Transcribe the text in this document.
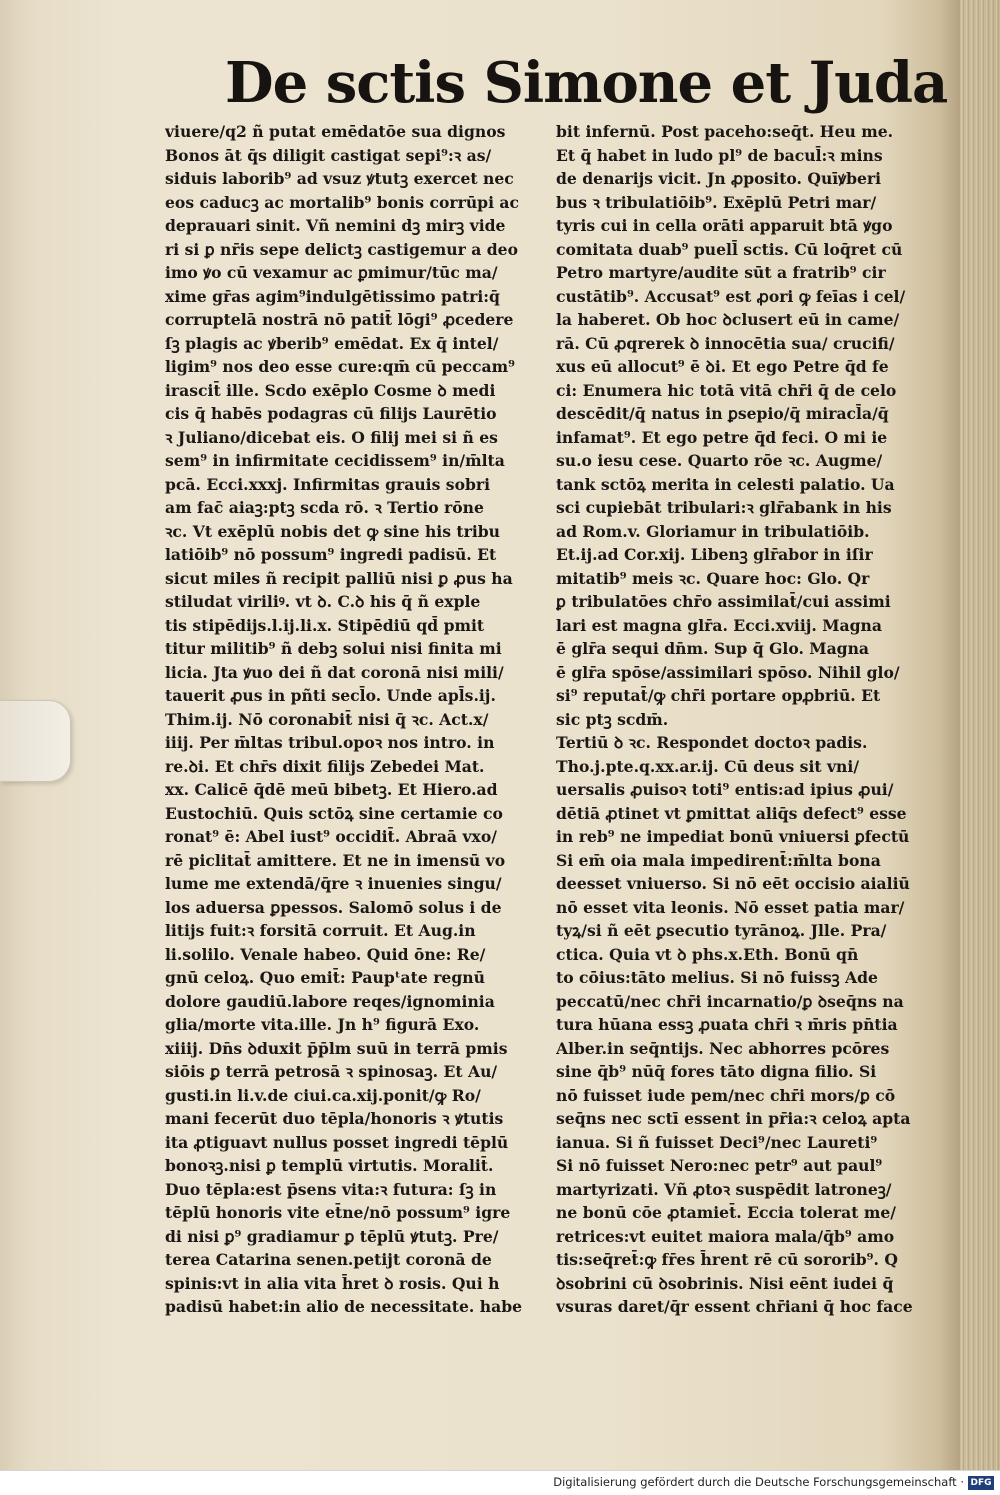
De sctis Simone et Juda
viuere/q2 ñ putat emēdatōe sua dignos
Bonos āt q̄s diligit castigat sepi⁹:ꝛ as/
siduis laborib⁹ ad vsuz ꝟtutꝫ exercet nec
eos caducꝫ ac mortalib⁹ bonis corrūpi ac
deprauari sinit. Vñ nemini dꝫ mirꝫ vide
ri si ꝑ nr̄is sepe delictꝫ castigemur a deo
imo ꝟo cū vexamur ac ꝑmimur/tūc ma/
xime gr̄as agim⁹indulgētissimo patri:q̄
corruptelā nostrā nō patit̄ lōgi⁹ ꝓcedere
ſꝫ plagis ac ꝟberib⁹ emēdat. Ex q̄ intel/
ligim⁹ nos deo esse cure:qm̄ cū peccam⁹
irascit̄ ille. Scdo exēplo Cosme ꝺ medi
cis q̄ habēs podagras cū filijs Laurētio
ꝛ Juliano/dicebat eis. O filij mei si ñ es
sem⁹ in infirmitate cecidissem⁹ in/m̄lta
pcā. Ecci.xxxj. Infirmitas grauis sobri
am fac̄ aiaꝫ:ptꝫ scda rō. ꝛ Tertio rōne
ꝛc. Vt exēplū nobis det ꝙ sine his tribu
latiōib⁹ nō possum⁹ ingredi padisū. Et
sicut miles ñ recipit palliū nisi ꝑ ꝓus ha
stiludat viriliꝰ. vt ꝺ. C.ꝺ his q̄ ñ exple
tis stipēdijs.l.ij.li.x. Stipēdiū qd̄ pmit
titur militib⁹ ñ debꝫ solui nisi finita mi
licia. Jta ꝟuo dei ñ dat coronā nisi mili/
tauerit ꝓus in pñti secl̄o. Unde apl̄s.ij.
Thim.ij. Nō coronabit̄ nisi q̄ ꝛc. Act.x/
iiij. Per m̄ltas tribul.opoꝛ nos intro. in
re.ꝺi. Et chr̄s dixit filijs Zebedei Mat.
xx. Calicē q̄dē meū bibetꝫ. Et Hiero.ad
Eustochiū. Quis sctōꝝ sine certamie co
ronat⁹ ē: Abel iust⁹ occidit̄. Abraā vxo/
rē piclitat̄ amittere. Et ne in imensū vo
lume me extendā/q̄re ꝛ inuenies singu/
los aduersa ꝑpessos. Salomō solus i de
litijs fuit:ꝛ forsitā corruit. Et Aug.in
li.solilo. Venale habeo. Quid ōne: Re/
gnū celoꝝ. Quo emit̄: Paupᵗate regnū
dolore gaudiū.labore reqes/ignominia
glia/morte vita.ille. Jn h⁹ figurā Exo.
xiiij. Dn̄s ꝺduxit p̄p̄lm suū in terrā pmis
siōis ꝑ terrā petrosā ꝛ spinosaꝫ. Et Au/
gusti.in li.v.de ciui.ca.xij.ponit/ꝙ Ro/
mani fecerūt duo tēpla/honoris ꝛ ꝟtutis
ita ꝓtiguavt nullus posset ingredi tēplū
bonoꝛꝫ.nisi ꝑ templū virtutis. Moralit̄.
Duo tēpla:est p̄sens vita:ꝛ futura: ſꝫ in
tēplū honoris vite et̄ne/nō possum⁹ igre
di nisi ꝑ⁹ gradiamur ꝑ tēplū ꝟtutꝫ. Pre/
terea Catarina senen.petijt coronā de
spinis:vt in alia vita h̄ret ꝺ rosis. Qui h
padisū habet:in alio de necessitate. habe
bit infernū. Post paceho:seq̄t. Heu me.
Et q̄ habet in ludo pl⁹ de bacul̄:ꝛ mins
de denarijs vicit. Jn ꝓposito. Quīꝟberi
bus ꝛ tribulatiōib⁹. Exēplū Petri mar/
tyris cui in cella orāti apparuit btā ꝟgo
comitata duab⁹ puell̄ sctis. Cū loq̄ret cū
Petro martyre/audite sūt a fratrib⁹ cir
custātib⁹. Accusat⁹ est ꝓori ꝙ feīas i cel/
la haberet. Ob hoc ꝺclusert eū in came/
rā. Cū ꝓqrerek ꝺ innocētia sua/ crucifi/
xus eū allocut⁹ ē ꝺi. Et ego Petre q̄d fe
ci: Enumera hic totā vitā chr̄i q̄ de celo
descēdit/q̄ natus in ꝑsepio/q̄ miracl̄a/q̄
infamat⁹. Et ego petre q̄d feci. O mi ie
su.o iesu cese. Quarto rōe ꝛc. Augme/
tank sctōꝝ merita in celesti palatio. Ua
sci cupiebāt tribulari:ꝛ glr̄abank in his
ad Rom.v. Gloriamur in tribulatiōib.
Et.ij.ad Cor.xij. Libenꝫ glr̄abor in iſir
mitatib⁹ meis ꝛc. Quare hoc: Glo. Qr
ꝑ tribulatōes chr̄o assimilat̄/cui assimi
lari est magna glr̄a. Ecci.xviij. Magna
ē glr̄a sequi dn̄m. Sup q̄ Glo. Magna
ē glr̄a spōse/assimilari spōso. Nihil glo/
si⁹ reputat̄/ꝙ chr̄i portare opꝓbriū. Et
sic ptꝫ scdm̄.
Tertiū ꝺ ꝛc. Respondet doctoꝛ padis.
Tho.j.pte.q.xx.ar.ij. Cū deus sit vni/
uersalis ꝓuisoꝛ toti⁹ entis:ad ipius ꝓui/
dētiā ꝓtinet vt ꝑmittat aliq̄s defect⁹ esse
in reb⁹ ne impediat bonū vniuersi ꝑfectū
Si em̄ oia mala impedirent̄:m̄lta bona
deesset vniuerso. Si nō eēt occisio aialiū
nō esset vita leonis. Nō esset patia mar/
tyꝝ/si ñ eēt ꝑsecutio tyrānoꝝ. Jlle. Pra/
ctica. Quia vt ꝺ phs.x.Eth. Bonū qn̄
to cōius:tāto melius. Si nō fuissꝫ Ade
peccatū/nec chr̄i incarnatio/ꝑ ꝺseq̄ns na
tura hūana essꝫ ꝓuata chr̄i ꝛ m̄ris pn̄tia
Alber.in seq̄ntijs. Nec abhorres pcōres
sine q̄b⁹ nūq̄ fores tāto digna filio. Si
nō fuisset iude pem/nec chr̄i mors/ꝑ cō
seq̄ns nec sctī essent in pr̄ia:ꝛ celoꝝ apta
ianua. Si ñ fuisset Deci⁹/nec Laureti⁹
Si nō fuisset Nero:nec petr⁹ aut paul⁹
martyrizati. Vñ ꝓtoꝛ suspēdit latroneꝫ/
ne bonū cōe ꝓtamiet̄. Eccia tolerat me/
retrices:vt euitet maiora mala/q̄b⁹ amo
tis:seq̄ret̄:ꝙ fr̄es h̄rent rē cū sororib⁹. Q
ꝺsobrini cū ꝺsobrinis. Nisi eēnt iudei q̄
vsuras daret/q̄r essent chr̄iani q̄ hoc face
Digitalisierung gefördert durch die Deutsche Forschungsgemeinschaft · DFG
